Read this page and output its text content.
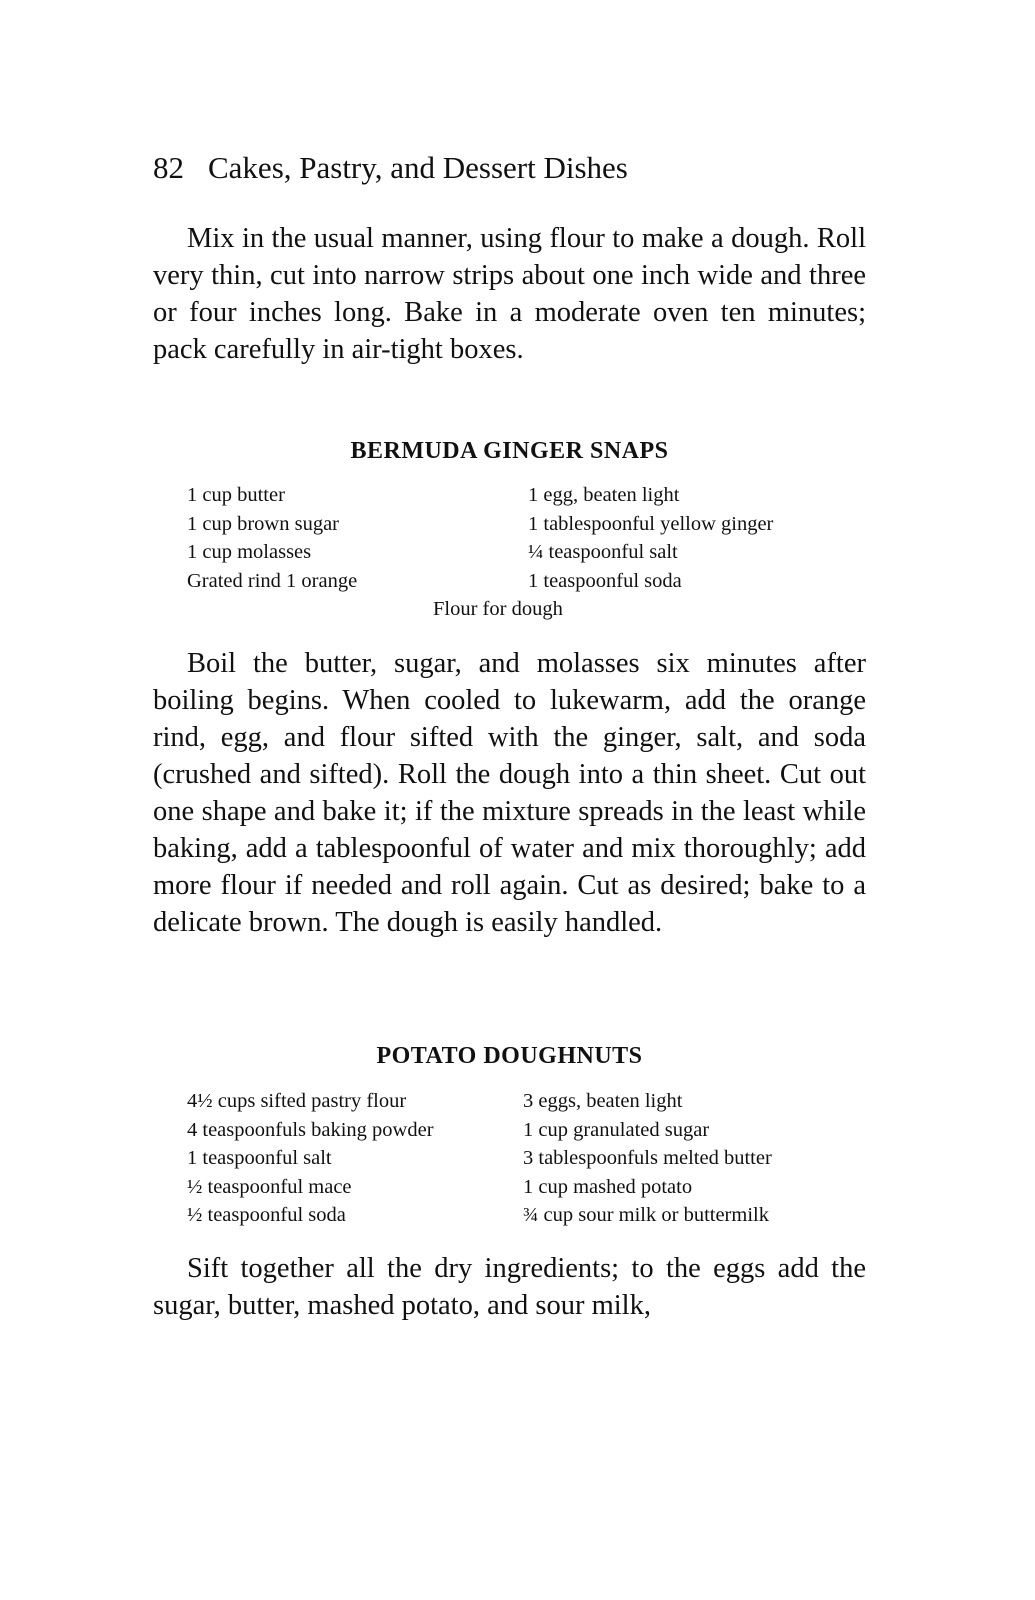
82 Cakes, Pastry, and Dessert Dishes

Mix in the usual manner, using flour to make a dough. Roll very thin, cut into narrow strips about one inch wide and three or four inches long. Bake in a moderate oven ten minutes; pack carefully in air-tight boxes.

BERMUDA GINGER SNAPS
1 cup butter
1 cup brown sugar
1 cup molasses
Grated rind 1 orange
1 egg, beaten light
1 tablespoonful yellow ginger
¼ teaspoonful salt
1 teaspoonful soda
Flour for dough

Boil the butter, sugar, and molasses six minutes after boiling begins. When cooled to lukewarm, add the orange rind, egg, and flour sifted with the ginger, salt, and soda (crushed and sifted). Roll the dough into a thin sheet. Cut out one shape and bake it; if the mixture spreads in the least while baking, add a tablespoonful of water and mix thoroughly; add more flour if needed and roll again. Cut as desired; bake to a delicate brown. The dough is easily handled.

POTATO DOUGHNUTS
4½ cups sifted pastry flour
4 teaspoonfuls baking powder
1 teaspoonful salt
½ teaspoonful mace
½ teaspoonful soda
3 eggs, beaten light
1 cup granulated sugar
3 tablespoonfuls melted butter
1 cup mashed potato
¾ cup sour milk or buttermilk

Sift together all the dry ingredients; to the eggs add the sugar, butter, mashed potato, and sour milk,
